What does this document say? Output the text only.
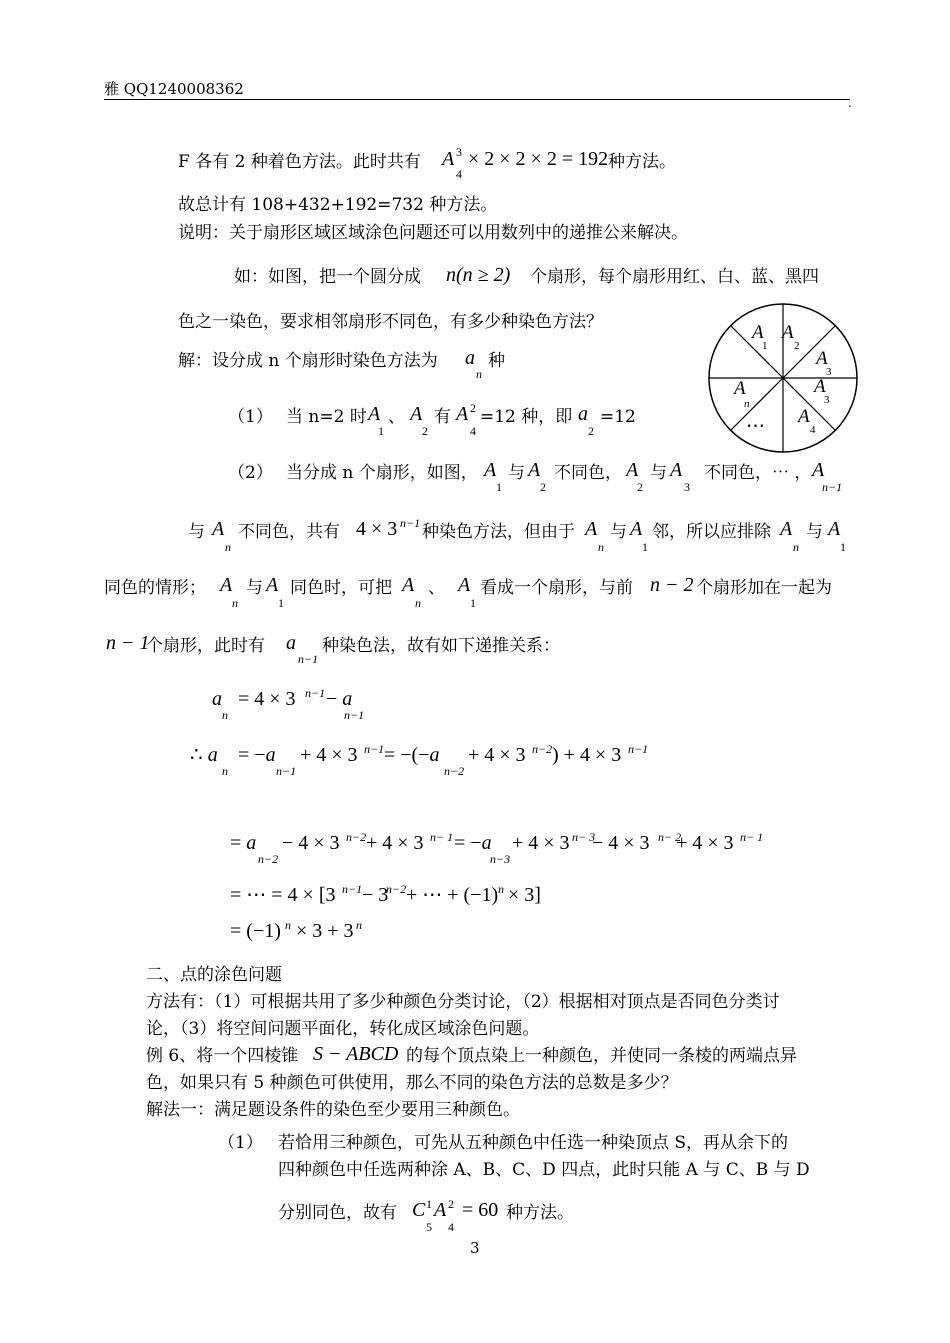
雅 QQ1240008362
.
F 各有 2 种着色方法。此时共有 A 3
4
× 2 × 2 × 2 = 192 种方法。
故总计有 108+432+192=732 种方法。
说明：关于扇形区域区域涂色问题还可以用数列中的递推公来解决。
如：如图，把一个圆分成 n(n ≥ 2) 个扇形，每个扇形用红、白、蓝、黑四
色之一染色，要求相邻扇形不同色，有多少种染色方法？
解：设分成 n 个扇形时染色方法为 a
n
种
（1） 当 n=2 时 A
1
、 A
2
有 A 2
4
=12 种，即 a
2
=12
（2） 当分成 n 个扇形，如图， A
1
与 A
2
不同色， A
2
与 A
3
不同色，⋯ ， A
n−1
与 A
n
不同色，共有 4 × 3 n−1 种染色方法，但由于 A
n
与 A
1
邻，所以应排除 A
n
与 A
1
同色的情形； A
n
与 A
1
同色时，可把 A
n
、 A
1
看成一个扇形，与前 n − 2 个扇形加在一起为
n − 1
个扇形，此时有 a
n−1
种染色法，故有如下递推关系：
a
n
= 4 × 3 n−1 − a
n−1
∴ a
n
= −a
n−1
+ 4 × 3 n−1 = −(−a
n−2
+ 4 × 3 n−2 ) + 4 × 3 n−1
= a
n−2
− 4 × 3 n−2 + 4 × 3 n− 1 = −a
n−3
+ 4 × 3 n− 3
− 4 × 3 n− 2
+ 4 × 3 n− 1
= ⋯ = 4 × [3 n−1 − 3
n−2 + ⋯ + (−1) n × 3]
= (−1) n × 3 + 3 n
二、点的涂色问题
方法有：（1）可根据共用了多少种颜色分类讨论，（2）根据相对顶点是否同色分类讨
论，（3）将空间问题平面化，转化成区域涂色问题。
例 6、将一个四棱锥 S − ABCD 的每个顶点染上一种颜色，并使同一条棱的两端点异
色，如果只有 5 种颜色可供使用，那么不同的染色方法的总数是多少？
解法一：满足题设条件的染色至少要用三种颜色。
（1） 若恰用三种颜色，可先从五种颜色中任选一种染顶点 S，再从余下的
四种颜色中任选两种涂 A、B、C、D 四点，此时只能 A 与 C、B 与 D
分别同色，故有 C 1
5
A 2
4
= 60 种方法。
3
A
1
A
2
A
3
A
3
A
4
A
n
⋯
